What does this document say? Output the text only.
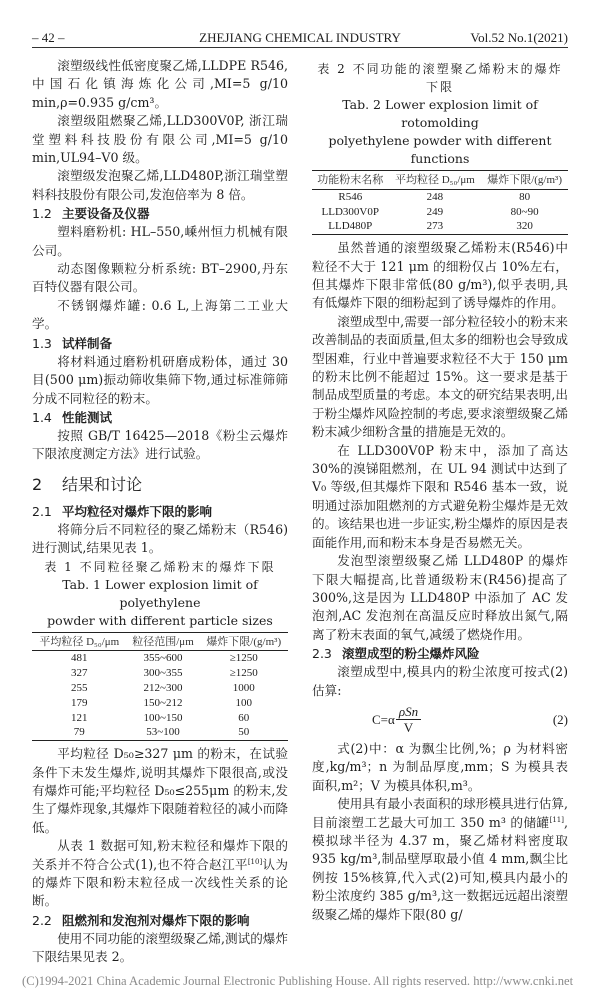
– 42 –	ZHEJIANG CHEMICAL INDUSTRY	Vol.52 No.1(2021)

滚塑级线性低密度聚乙烯,LLDPE R546,中国石化镇海炼化公司,MI=5 g/10 min,ρ=0.935 g/cm³。

滚塑级阻燃聚乙烯,LLD300V0P, 浙江瑞堂塑料科技股份有限公司,MI=5 g/10 min,UL94–V0 级。

滚塑级发泡聚乙烯,LLD480P,浙江瑞堂塑料科技股份有限公司,发泡倍率为 8 倍。

1.2 主要设备及仪器

塑料磨粉机: HL–550,嵊州恒力机械有限公司。

动态图像颗粒分析系统: BT–2900,丹东百特仪器有限公司。

不锈钢爆炸罐: 0.6 L,上海第二工业大学。

1.3 试样制备

将材料通过磨粉机研磨成粉体，通过 30 目(500 μm)振动筛收集筛下物,通过标准筛筛分成不同粒径的粉末。

1.4 性能测试

按照 GB/T 16425—2018《粉尘云爆炸下限浓度测定方法》进行试验。

2 结果和讨论
2.1 平均粒径对爆炸下限的影响

将筛分后不同粒径的聚乙烯粉末（R546)进行测试,结果见表 1。

表 1 不同粒径聚乙烯粉末的爆炸下限
Tab. 1 Lower explosion limit of polyethylene
powder with different particle sizes
平均粒径 D₅₀/μm	粒径范围/μm	爆炸下限/(g/m³)
481	355~600	≥1250
327	300~355	≥1250
255	212~300	1000
179	150~212	100
121	100~150	60
79	53~100	50

平均粒径 D₅₀≥327 μm 的粉末，在试验条件下未发生爆炸,说明其爆炸下限很高,或没有爆炸可能;平均粒径 D₅₀≤255μm 的粉末,发生了爆炸现象,其爆炸下限随着粒径的减小而降低。

从表 1 数据可知,粉末粒径和爆炸下限的关系并不符合公式(1),也不符合赵江平[10]认为的爆炸下限和粉末粒径成一次线性关系的论断。

2.2 阻燃剂和发泡剂对爆炸下限的影响

使用不同功能的滚塑级聚乙烯,测试的爆炸下限结果见表 2。

表 2 不同功能的滚塑聚乙烯粉末的爆炸下限
Tab. 2 Lower explosion limit of rotomolding
polyethylene powder with different functions
功能粉末名称	平均粒径 D₅₀/μm	爆炸下限/(g/m³)
R546	248	80
LLD300V0P	249	80~90
LLD480P	273	320

虽然普通的滚塑级聚乙烯粉末(R546)中粒径不大于 121 μm 的细粉仅占 10%左右，但其爆炸下限非常低(80 g/m³),似乎表明,具有低爆炸下限的细粉起到了诱导爆炸的作用。

滚塑成型中,需要一部分粒径较小的粉末来改善制品的表面质量,但太多的细粉也会导致成型困难，行业中普遍要求粒径不大于 150 μm 的粉末比例不能超过 15%。这一要求是基于制品成型质量的考虑。本文的研究结果表明,出于粉尘爆炸风险控制的考虑,要求滚塑级聚乙烯粉末减少细粉含量的措施是无效的。

在 LLD300V0P 粉末中，添加了高达 30%的溴锑阻燃剂，在 UL 94 测试中达到了 V₀ 等级,但其爆炸下限和 R546 基本一致，说明通过添加阻燃剂的方式避免粉尘爆炸是无效的。该结果也进一步证实,粉尘爆炸的原因是表面能作用,而和粉末本身是否易燃无关。

发泡型滚塑级聚乙烯 LLD480P 的爆炸下限大幅提高,比普通级粉末(R456)提高了 300%,这是因为 LLD480P 中添加了 AC 发泡剂,AC 发泡剂在高温反应时释放出氮气,隔离了粉末表面的氧气,减缓了燃烧作用。

2.3 滚塑成型的粉尘爆炸风险

滚塑成型中,模具内的粉尘浓度可按式(2)估算:

$C=\alpha \frac{\text{ρSn}}{V}$	(2)

式(2)中：α 为飘尘比例,%；ρ 为材料密度,kg/m³；n 为制品厚度,mm；S 为模具表面积,m²；V 为模具体积,m³。

使用具有最小表面积的球形模具进行估算,目前滚塑工艺最大可加工 350 m³ 的储罐[11],模拟球半径为 4.37 m，聚乙烯材料密度取 935 kg/m³,制品壁厚取最小值 4 mm,飘尘比例按 15%核算,代入式(2)可知,模具内最小的粉尘浓度约 385 g/m³,这一数据远远超出滚塑级聚乙烯的爆炸下限(80 g/

(C)1994-2021 China Academic Journal Electronic Publishing House. All rights reserved. http://www.cnki.net
